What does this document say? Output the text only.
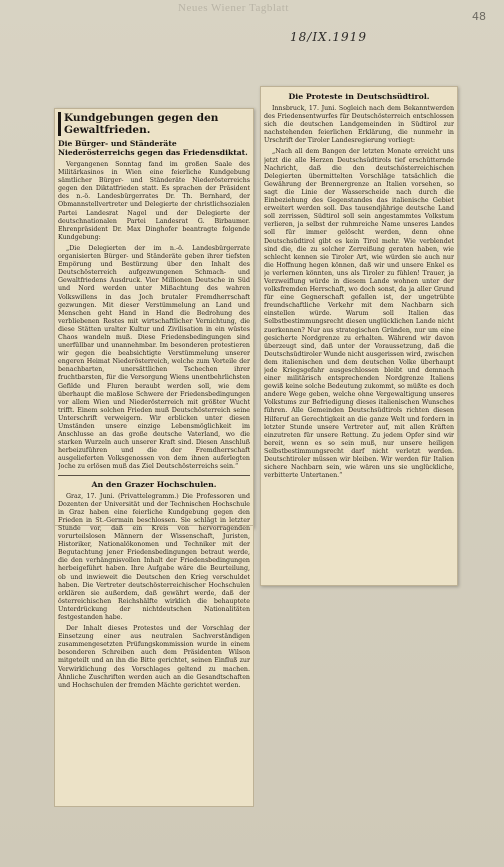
Neues Wiener Tagblatt
48
18/IX.1919
Kundgebungen gegen den Gewaltfrieden.
Die Bürger- und Ständeräte Niederösterreichs gegen das Friedensdiktat.

Vergangenen Sonntag fand im großen Saale des Militärkasinos in Wien eine feierliche Kundgebung sämtlicher Bürger- und Ständeräte Niederösterreichs gegen den Diktatfrieden statt. Es sprachen der Präsident des n.-ö. Landesbürgerrates Dr. Th. Bernhard, der Obmannstellvertreter und Delegierte der christlichsozialen Partei Landesrat Nagel und der Delegierte der deutschnationalen Partei Landesrat G. Birbaumer. Ehrenpräsident Dr. Max Dinghofer beantragte folgende Kundgebung:

„Die Delegierten der im n.-ö. Landesbürgerrate organisierten Bürger- und Ständeräte geben ihrer tiefsten Empörung und Bestürzung über den Inhalt des Deutschösterreich aufgezwungenen Schmach- und Gewaltfriedens Ausdruck. Vier Millionen Deutsche in Süd und Nord werden unter Mißachtung des wahren Volkswillens in das Joch brutaler Fremdherrschaft gezwungen. Mit dieser Verstümmelung an Land und Menschen geht Hand in Hand die Bedrohung des verbliebenen Restes mit wirtschaftlicher Vernichtung, die diese Stätten uralter Kultur und Zivilisation in ein wüstes Chaos wandeln muß. Diese Friedensbedingungen sind unerfüllbar und unannehmbar. Im besonderen protestieren wir gegen die beabsichtigte Verstümmelung unserer engeren Heimat Niederösterreich, welche zum Vorteile der benachbarten, unersättlichen Tschechen ihrer fruchtbarsten, für die Versorgung Wiens unentbehrlichsten Gefilde und Fluren beraubt werden soll, wie dem überhaupt die maßlose Schwere der Friedensbedingungen vor allem Wien und Niederösterreich mit größter Wucht trifft. Einem solchen Frieden muß Deutschösterreich seine Unterschrift verweigern. Wir erblicken unter diesen Umständen unsere einzige Lebensmöglichkeit im Anschlusse an das große deutsche Vaterland, wo die starken Wurzeln auch unserer Kraft sind. Diesen Anschluß herbeizuführen und die der Fremdherrschaft ausgelieferten Volksgenossen von dem ihnen auferlegten Joche zu erlösen muß das Ziel Deutschösterreichs sein.“

An den Grazer Hochschulen.

Graz, 17. Juni. (Privattelegramm.) Die Professoren und Dozenten der Universität und der Technischen Hochschule in Graz haben eine feierliche Kundgebung gegen den Frieden in St.-Germain beschlossen. Sie schlägt in letzter Stunde vor, daß ein Kreis von hervorragenden vorurteilslosen Männern der Wissenschaft, Juristen, Historiker, Nationalökonomen und Techniker mit der Begutachtung jener Friedensbedingungen betraut werde, die den verhängnisvollen Inhalt der Friedensbedingungen herbeigeführt haben. Ihre Aufgabe wäre die Beurteilung, ob und inwieweit die Deutschen den Krieg verschuldet haben. Die Vertreter deutschösterreichischer Hochschulen erklären sie außerdem, daß gewährt werde, daß der österreichischen Reichshälfte wirklich die behauptete Unterdrückung der nichtdeutschen Nationalitäten festgestanden habe.

Der Inhalt dieses Protestes und der Vorschlag der Einsetzung einer aus neutralen Sachverständigen zusammengesetzten Prüfungskommission wurde in einem besonderen Schreiben auch dem Präsidenten Wilson mitgeteilt und an ihn die Bitte gerichtet, seinen Einfluß zur Verwirklichung des Vorschlages geltend zu machen. Ähnliche Zuschriften werden auch an die Gesandtschaften und Hochschulen der fremden Mächte gerichtet werden.

Die Proteste in Deutschsüdtirol.

Innsbruck, 17. Juni. Sogleich nach dem Bekanntwerden des Friedensentwurfes für Deutschösterreich entschlossen sich die deutschen Landgemeinden in Südtirol zur nachstehenden feierlichen Erklärung, die nunmehr in Urschrift der Tiroler Landesregierung vorliegt:

„Nach all dem Bangen der letzten Monate erreicht uns jetzt die alle Herzen Deutschsüdtirols tief erschütternde Nachricht, daß die den deutschösterreichischen Delegierten übermittelten Vorschläge tatsächlich die Gewährung der Brennergrenze an Italien vorsehen, so sagt die Linie der Wasserscheide nach durch die Einbeziehung des Gegenstandes das italienische Gebiet erweitert werden soll. Das tausendjährige deutsche Land soll zerrissen, Südtirol soll sein angestammtes Volkstum verlieren, ja selbst der ruhmreiche Name unseres Landes soll für immer gelöscht werden, denn ohne Deutschsüdtirol gibt es kein Tirol mehr. Wie verblendet sind die, die zu solcher Zerreißung geraten haben, wie schlecht kennen sie Tiroler Art, wie würden sie auch nur die Hoffnung hegen können, daß wir und unsere Enkel es je verlernen könnten, uns als Tiroler zu fühlen! Trauer, ja Verzweiflung würde in diesem Lande wohnen unter der volksfremden Herrschaft, wo doch sonst, da ja aller Grund für eine Gegnerschaft gefallen ist, der ungetrübte freundschaftliche Verkehr mit dem Nachbarn sich einstellen würde. Warum soll Italien das Selbstbestimmungsrecht diesen unglücklichen Lande nicht zuerkennen? Nur aus strategischen Gründen, nur um eine gesicherte Nordgrenze zu erhalten. Während wir davon überzeugt sind, daß unter der Voraussetzung, daß die Deutschsüdtiroler Wunde nicht ausgerissen wird, zwischen dem italienischen und dem deutschen Volke überhaupt jede Kriegsgefahr ausgeschlossen bleibt und demnach einer militärisch entsprechenden Nordgrenze Italiens gewiß keine solche Bedeutung zukommt, so müßte es doch andere Wege geben, welche ohne Vergewaltigung unseres Volkstums zur Befriedigung dieses italienischen Wunsches führen. Alle Gemeinden Deutschsüdtirols richten diesen Hilferuf an Gerechtigkeit an die ganze Welt und fordern in letzter Stunde unsere Vertreter auf, mit allen Kräften einzutreten für unsere Rettung. Zu jedem Opfer sind wir bereit, wenn es so sein muß, nur unsere heiligen Selbstbestimmungsrecht darf nicht verletzt werden. Deutschtiroler müssen wir bleiben. Wir werden für Italien sichere Nachbarn sein, wie wären uns sie unglückliche, verbitterte Untertanen.“
